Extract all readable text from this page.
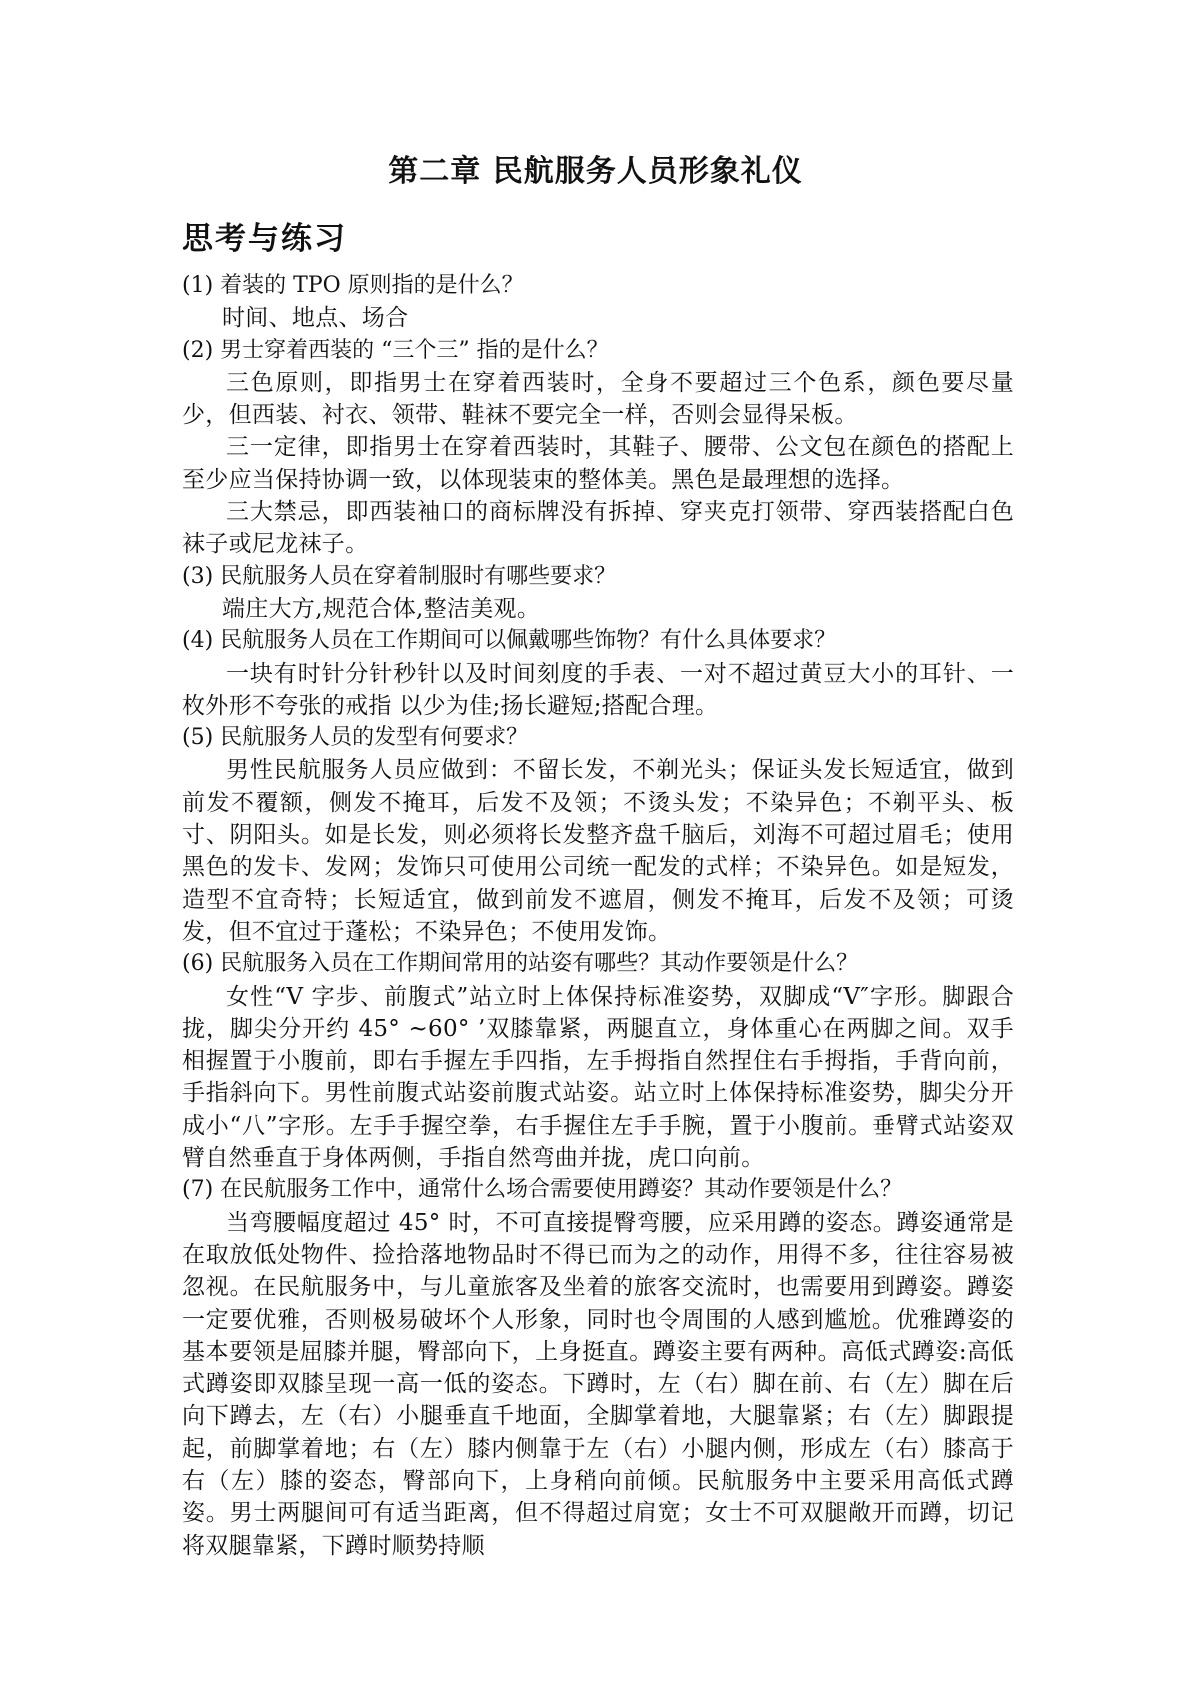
第二章 民航服务人员形象礼仪
思考与练习

(1) 着装的 TPO 原则指的是什么？

时间、地点、场合

(2) 男士穿着西装的 “三个三” 指的是什么？

三色原则，即指男士在穿着西装时，全身不要超过三个色系，颜色要尽量少，但西装、衬衣、领带、鞋袜不要完全一样，否则会显得呆板。

三一定律，即指男士在穿着西装时，其鞋子、腰带、公文包在颜色的搭配上至少应当保持协调一致，以体现装束的整体美。黑色是最理想的选择。

三大禁忌，即西装袖口的商标牌没有拆掉、穿夹克打领带、穿西装搭配白色袜子或尼龙袜子。

(3) 民航服务人员在穿着制服时有哪些要求？

端庄大方,规范合体,整洁美观。

(4) 民航服务人员在工作期间可以佩戴哪些饰物？有什么具体要求？

一块有时针分针秒针以及时间刻度的手表、一对不超过黄豆大小的耳针、一枚外形不夸张的戒指 以少为佳;扬长避短;搭配合理。

(5) 民航服务人员的发型有何要求？

男性民航服务人员应做到：不留长发，不剃光头；保证头发长短适宜，做到前发不覆额，侧发不掩耳，后发不及领；不烫头发；不染异色；不剃平头、板寸、阴阳头。如是长发，则必须将长发整齐盘千脑后，刘海不可超过眉毛；使用黑色的发卡、发网；发饰只可使用公司统一配发的式样；不染异色。如是短发，造型不宜奇特；长短适宜，做到前发不遮眉，侧发不掩耳，后发不及领；可烫发，但不宜过于蓬松；不染异色；不使用发饰。

(6) 民航服务入员在工作期间常用的站姿有哪些？其动作要领是什么？

女性“V 字步、前腹式”站立时上体保持标准姿势，双脚成“V″字形。脚跟合拢，脚尖分开约 45° ~60° ’双膝靠紧，两腿直立，身体重心在两脚之间。双手相握置于小腹前，即右手握左手四指，左手拇指自然捏住右手拇指，手背向前，手指斜向下。男性前腹式站姿前腹式站姿。站立时上体保持标准姿势，脚尖分开成小“八”字形。左手手握空拳，右手握住左手手腕，置于小腹前。垂臂式站姿双臂自然垂直于身体两侧，手指自然弯曲并拢，虎口向前。

(7) 在民航服务工作中，通常什么场合需要使用蹲姿？其动作要领是什么？

当弯腰幅度超过 45° 时，不可直接提臀弯腰，应采用蹲的姿态。蹲姿通常是在取放低处物件、捡拾落地物品时不得已而为之的动作，用得不多，往往容易被忽视。在民航服务中，与儿童旅客及坐着的旅客交流时，也需要用到蹲姿。蹲姿一定要优雅，否则极易破坏个人形象，同时也令周围的人感到尴尬。优雅蹲姿的基本要领是屈膝并腿，臀部向下，上身挺直。蹲姿主要有两种。高低式蹲姿:高低式蹲姿即双膝呈现一高一低的姿态。下蹲时，左（右）脚在前、右（左）脚在后向下蹲去，左（右）小腿垂直千地面，全脚掌着地，大腿靠紧；右（左）脚跟提起，前脚掌着地；右（左）膝内侧靠于左（右）小腿内侧，形成左（右）膝高于右（左）膝的姿态，臀部向下，上身稍向前倾。民航服务中主要采用高低式蹲姿。男士两腿间可有适当距离，但不得超过肩宽；女士不可双腿敞开而蹲，切记将双腿靠紧，下蹲时顺势持顺
